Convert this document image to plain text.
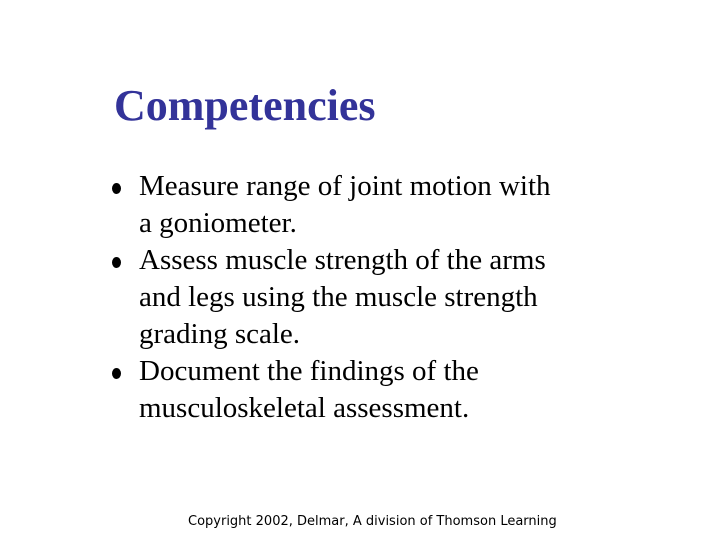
Competencies
Measure range of joint motion with a goniometer.
Assess muscle strength of the arms and legs using the muscle strength grading scale.
Document the findings of the musculoskeletal assessment.
Copyright 2002, Delmar, A division of Thomson Learning
